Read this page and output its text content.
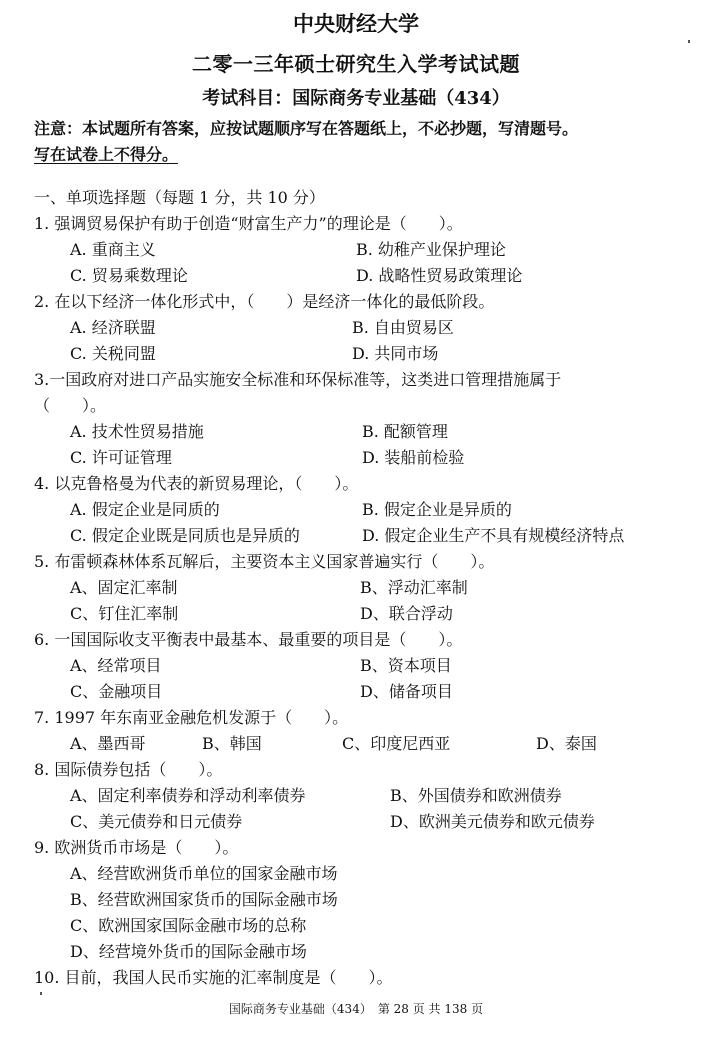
中央财经大学
二零一三年硕士研究生入学考试试题
考试科目：国际商务专业基础（434）
注意：本试题所有答案，应按试题顺序写在答题纸上，不必抄题，写清题号。
写在试卷上不得分。
一、单项选择题（每题 1 分，共 10 分）
1. 强调贸易保护有助于创造“财富生产力”的理论是（　　）。
A. 重商主义	B. 幼稚产业保护理论
C. 贸易乘数理论	D. 战略性贸易政策理论
2. 在以下经济一体化形式中，（　　）是经济一体化的最低阶段。
A. 经济联盟	B. 自由贸易区
C. 关税同盟	D. 共同市场
3.一国政府对进口产品实施安全标准和环保标准等，这类进口管理措施属于
（　　）。
A. 技术性贸易措施	B. 配额管理
C. 许可证管理	D. 装船前检验
4. 以克鲁格曼为代表的新贸易理论，（　　）。
A. 假定企业是同质的	B. 假定企业是异质的
C. 假定企业既是同质也是异质的	D. 假定企业生产不具有规模经济特点
5. 布雷顿森林体系瓦解后，主要资本主义国家普遍实行（　　）。
A、固定汇率制	B、浮动汇率制
C、钉住汇率制	D、联合浮动
6. 一国国际收支平衡表中最基本、最重要的项目是（　　）。
A、经常项目	B、资本项目
C、金融项目	D、储备项目
7. 1997 年东南亚金融危机发源于（　　）。
A、墨西哥	B、韩国	C、印度尼西亚	D、泰国
8. 国际债券包括（　　）。
A、固定利率债券和浮动利率债券	B、外国债券和欧洲债券
C、美元债券和日元债券	D、欧洲美元债券和欧元债券
9. 欧洲货币市场是（　　）。
A、经营欧洲货币单位的国家金融市场
B、经营欧洲国家货币的国际金融市场
C、欧洲国家国际金融市场的总称
D、经营境外货币的国际金融市场
10. 目前，我国人民币实施的汇率制度是（　　）。
国际商务专业基础（434）　第 28 页 共 138 页
